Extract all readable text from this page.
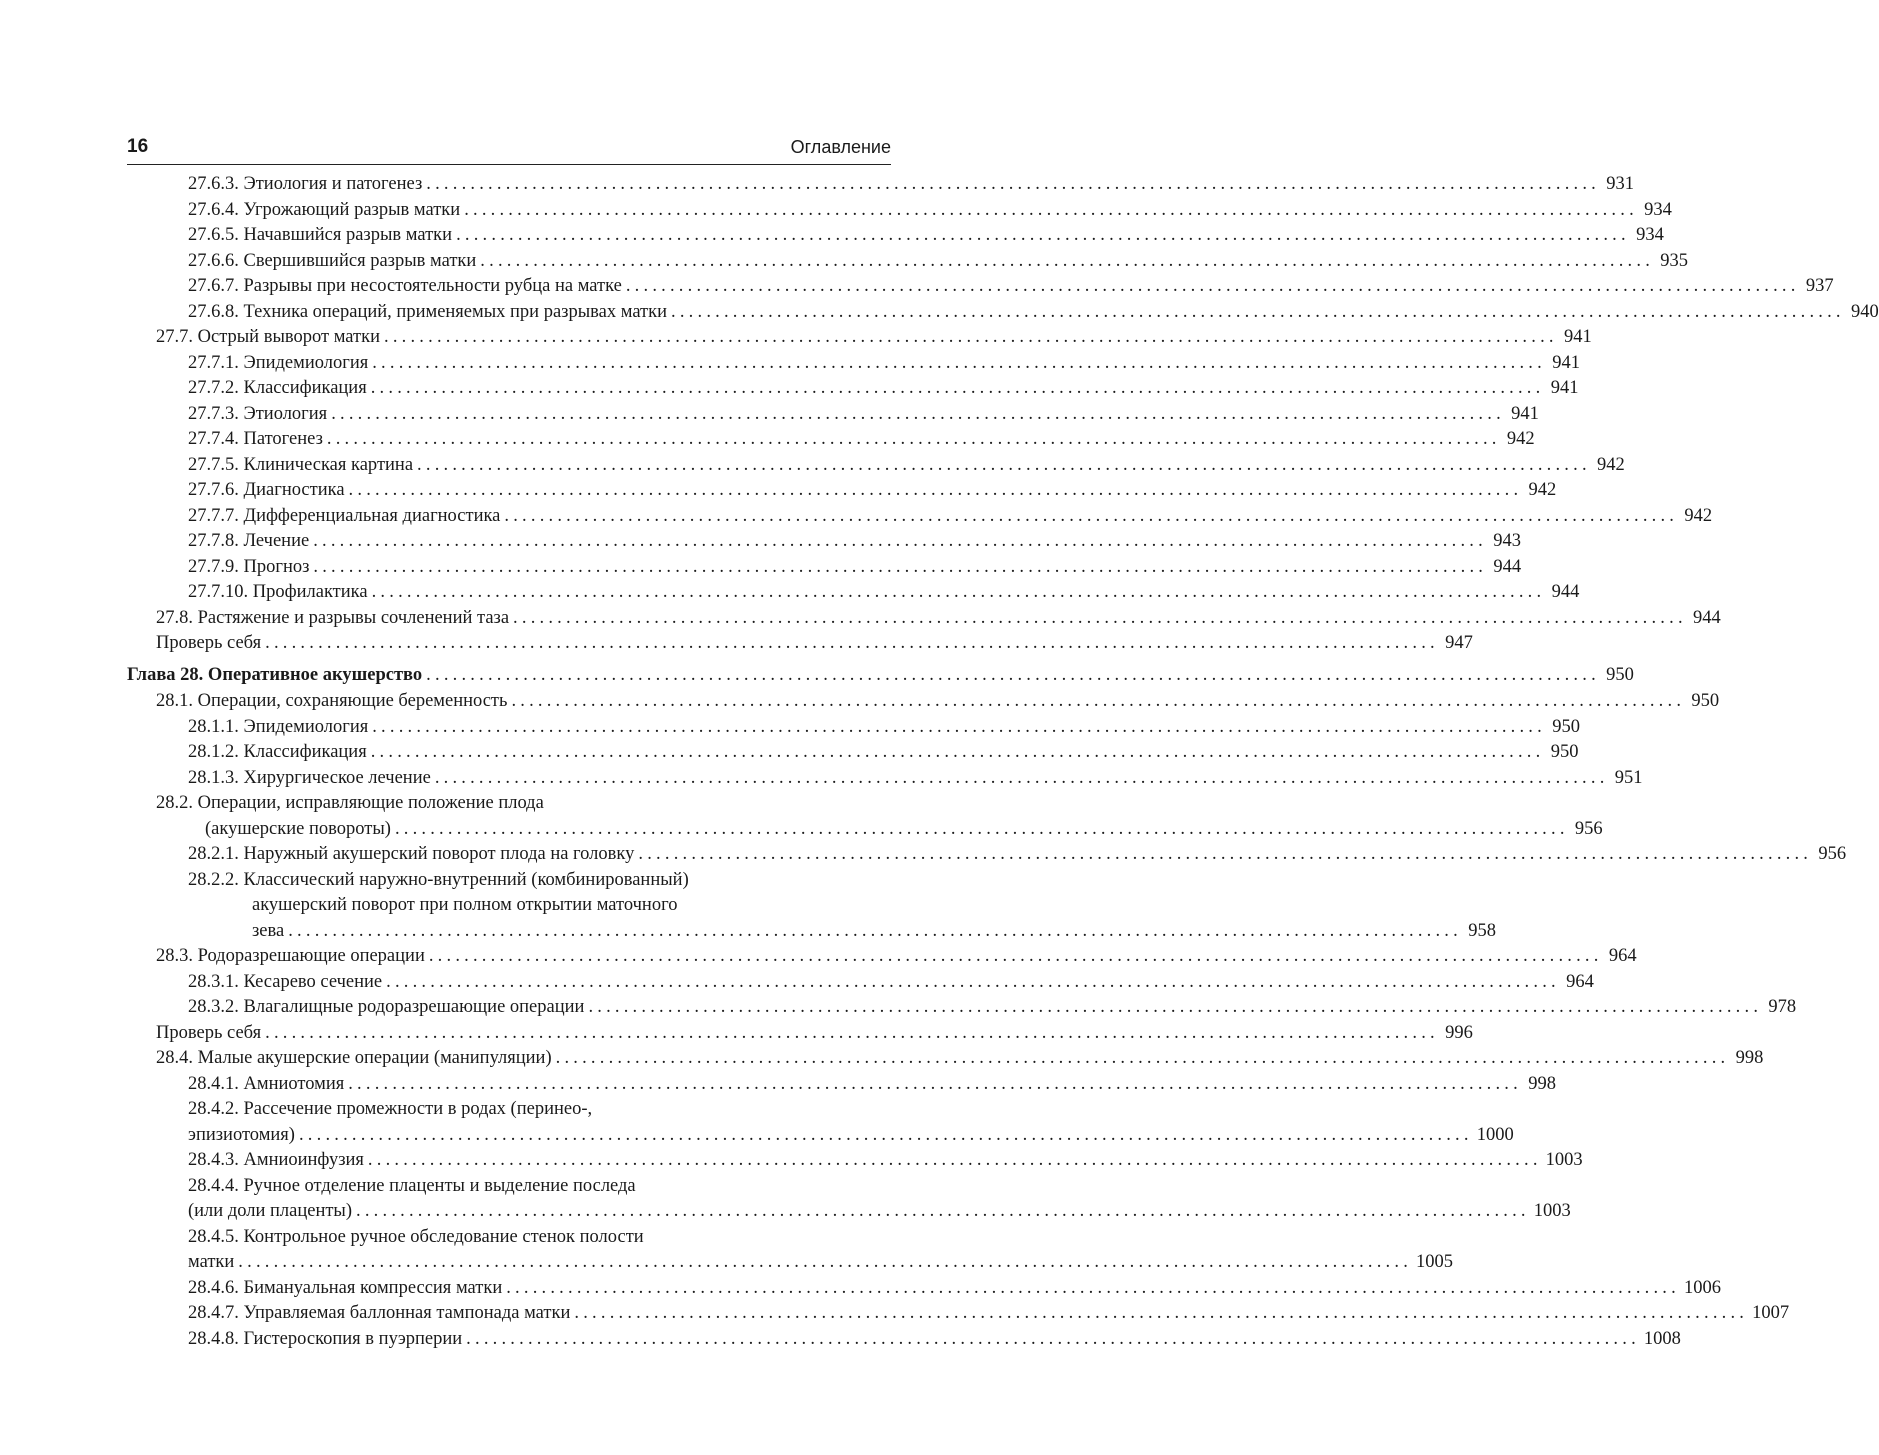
16	Оглавление
27.6.3. Этиология и патогенез ..................................................................................................................................... 931
27.6.4. Угрожающий разрыв матки ..................................................................................................................................... 934
27.6.5. Начавшийся разрыв матки ..................................................................................................................................... 934
27.6.6. Свершившийся разрыв матки ..................................................................................................................................... 935
27.6.7. Разрывы при несостоятельности рубца на матке ..................................................................................................................................... 937
27.6.8. Техника операций, применяемых при разрывах матки ..................................................................................................................................... 940
27.7. Острый выворот матки ..................................................................................................................................... 941
27.7.1. Эпидемиология ..................................................................................................................................... 941
27.7.2. Классификация ..................................................................................................................................... 941
27.7.3. Этиология ..................................................................................................................................... 941
27.7.4. Патогенез ..................................................................................................................................... 942
27.7.5. Клиническая картина ..................................................................................................................................... 942
27.7.6. Диагностика ..................................................................................................................................... 942
27.7.7. Дифференциальная диагностика ..................................................................................................................................... 942
27.7.8. Лечение ..................................................................................................................................... 943
27.7.9. Прогноз ..................................................................................................................................... 944
27.7.10. Профилактика ..................................................................................................................................... 944
27.8. Растяжение и разрывы сочленений таза ..................................................................................................................................... 944
Проверь себя ..................................................................................................................................... 947
Глава 28. Оперативное акушерство ..................................................................................................................................... 950
28.1. Операции, сохраняющие беременность ..................................................................................................................................... 950
28.1.1. Эпидемиология ..................................................................................................................................... 950
28.1.2. Классификация ..................................................................................................................................... 950
28.1.3. Хирургическое лечение ..................................................................................................................................... 951
28.2. Операции, исправляющие положение плода
(акушерские повороты) ..................................................................................................................................... 956
28.2.1. Наружный акушерский поворот плода на головку ..................................................................................................................................... 956
28.2.2. Классический наружно-внутренний (комбинированный)
акушерский поворот при полном открытии маточного
зева ..................................................................................................................................... 958
28.3. Родоразрешающие операции ..................................................................................................................................... 964
28.3.1. Кесарево сечение ..................................................................................................................................... 964
28.3.2. Влагалищные родоразрешающие операции ..................................................................................................................................... 978
Проверь себя ..................................................................................................................................... 996
28.4. Малые акушерские операции (манипуляции) ..................................................................................................................................... 998
28.4.1. Амниотомия ..................................................................................................................................... 998
28.4.2. Рассечение промежности в родах (перинео-,
эпизиотомия) ..................................................................................................................................... 1000
28.4.3. Амниоинфузия ..................................................................................................................................... 1003
28.4.4. Ручное отделение плаценты и выделение последа
(или доли плаценты) ..................................................................................................................................... 1003
28.4.5. Контрольное ручное обследование стенок полости
матки ..................................................................................................................................... 1005
28.4.6. Бимануальная компрессия матки ..................................................................................................................................... 1006
28.4.7. Управляемая баллонная тампонада матки ..................................................................................................................................... 1007
28.4.8. Гистероскопия в пуэрперии ..................................................................................................................................... 1008
